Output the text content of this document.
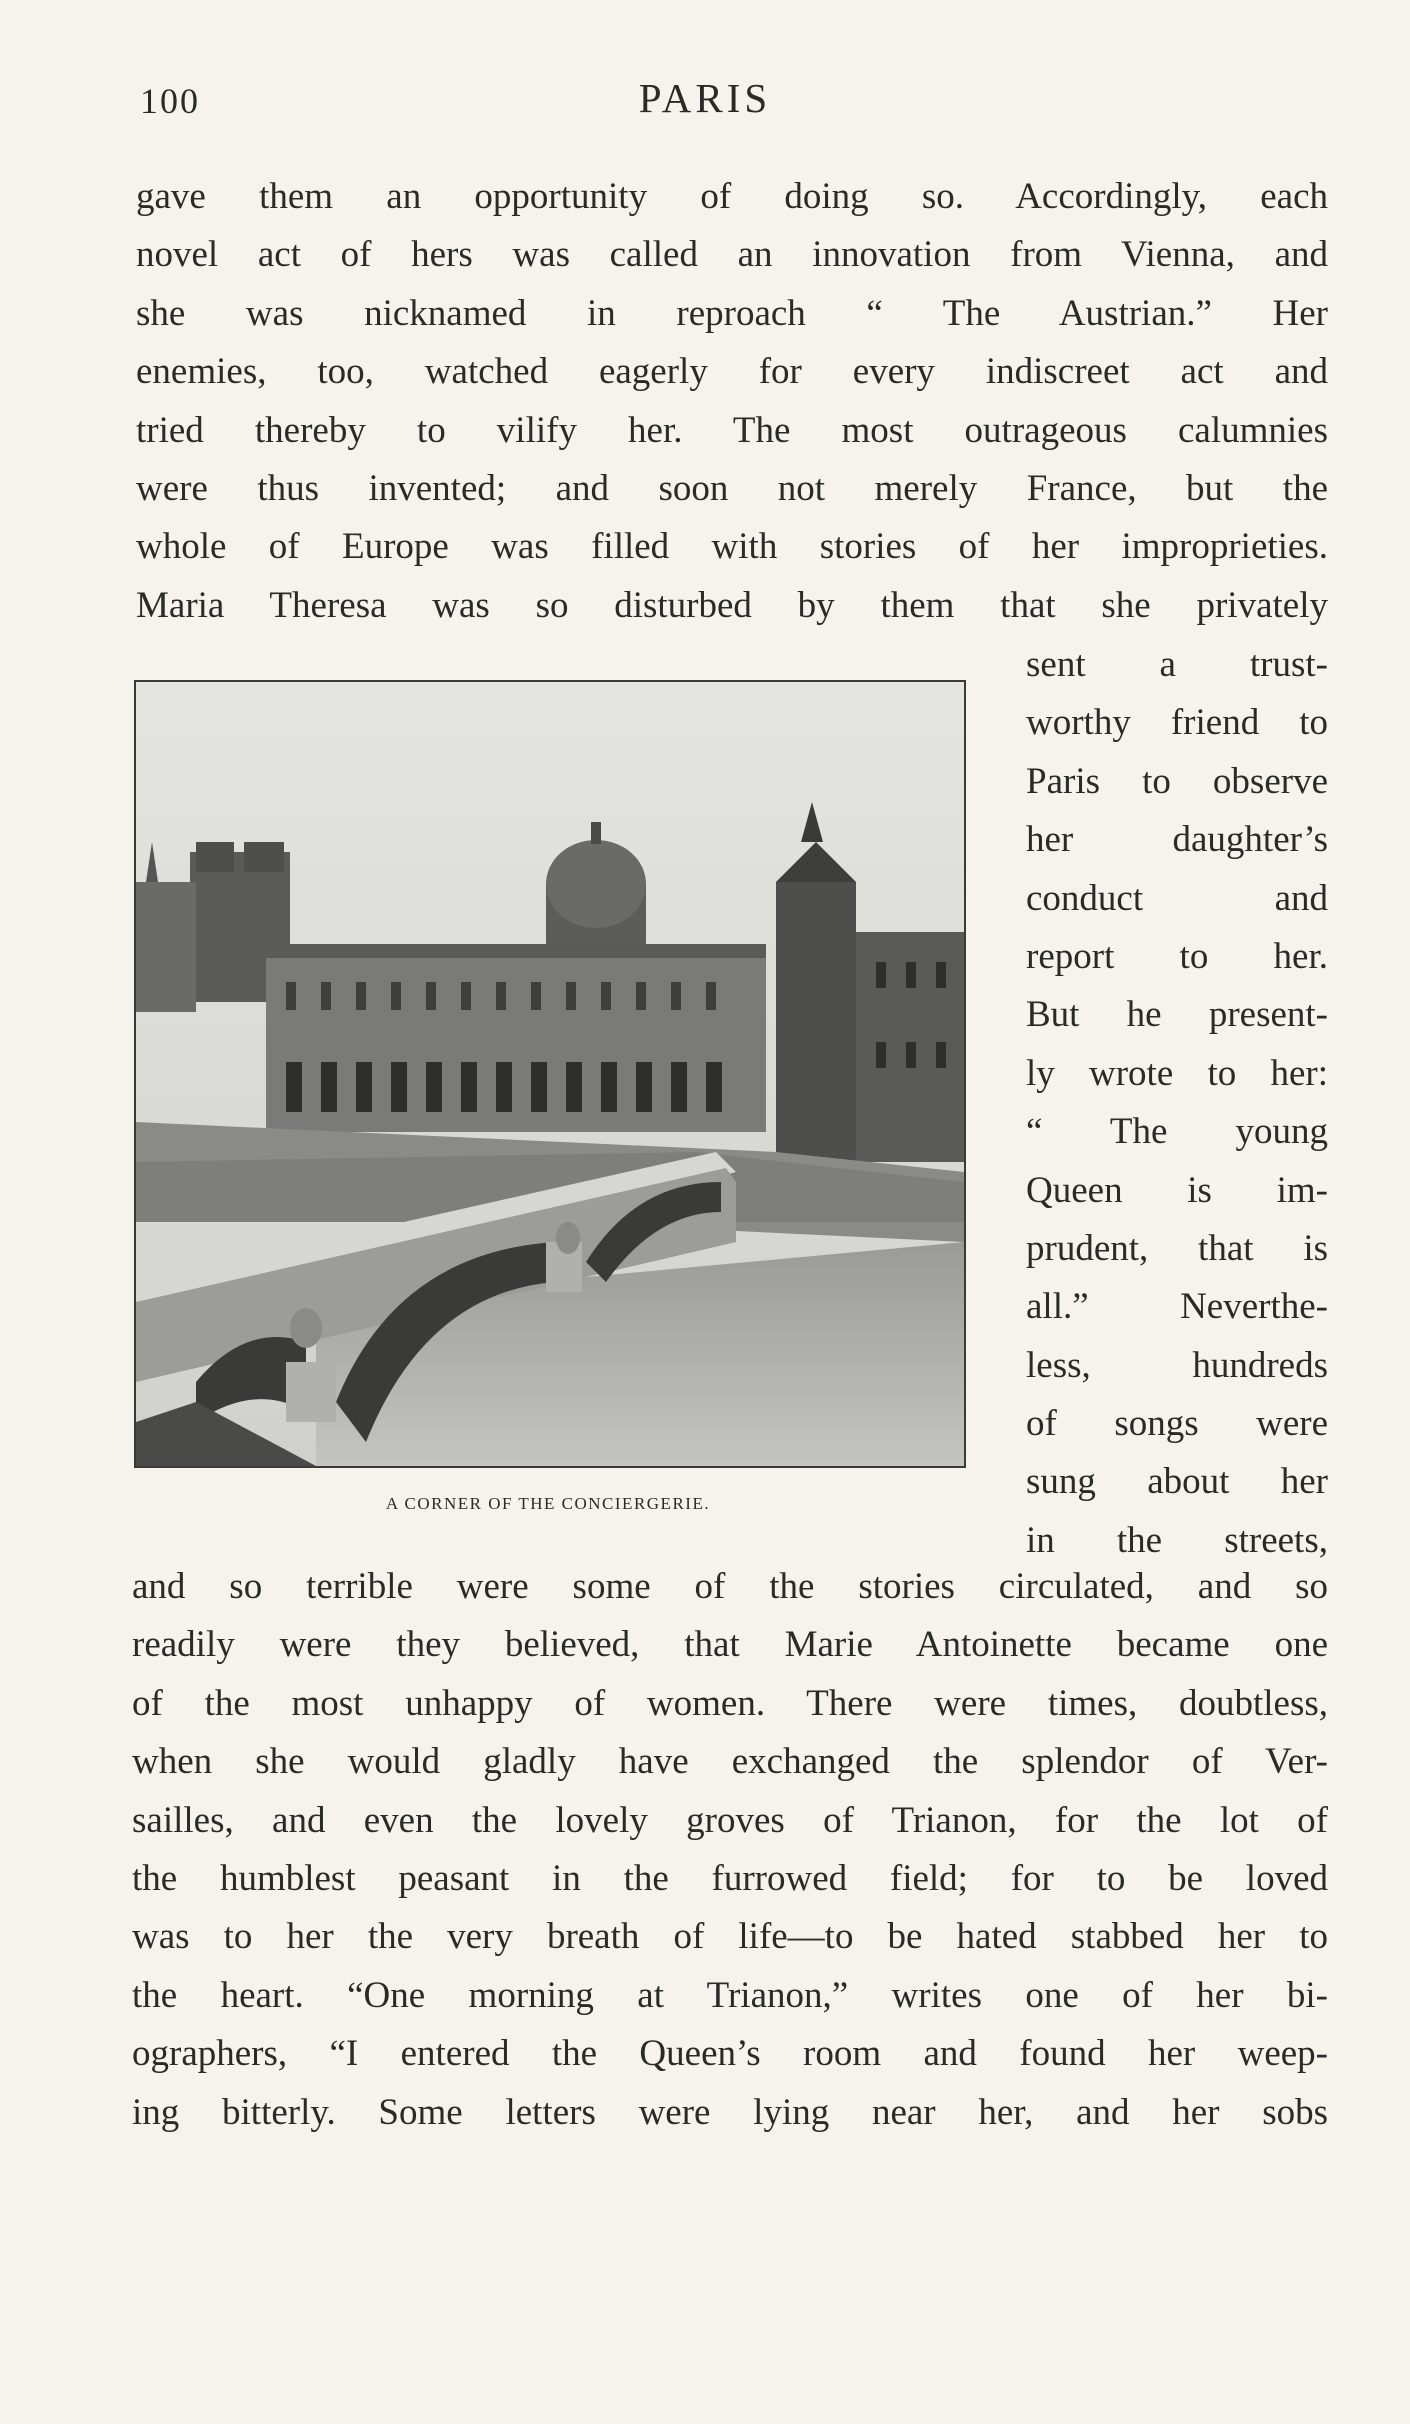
100	PARIS
gave them an opportunity of doing so. Accordingly, each
novel act of hers was called an innovation from Vienna, and
she was nicknamed in reproach “ The Austrian.” Her
enemies, too, watched eagerly for every indiscreet act and
tried thereby to vilify her. The most outrageous calumnies
were thus invented; and soon not merely France, but the
whole of Europe was filled with stories of her improprieties.
Maria Theresa was so disturbed by them that she privately
sent a trust-
worthy friend to
Paris to observe
her daughter’s
conduct and
report to her.
But he present-
ly wrote to her:
“ The young
Queen is im-
prudent, that is
all.” Neverthe-
less, hundreds
of songs were
sung about her
in the streets,
A CORNER OF THE CONCIERGERIE.
and so terrible were some of the stories circulated, and so
readily were they believed, that Marie Antoinette became one
of the most unhappy of women. There were times, doubtless,
when she would gladly have exchanged the splendor of Ver-
sailles, and even the lovely groves of Trianon, for the lot of
the humblest peasant in the furrowed field; for to be loved
was to her the very breath of life—to be hated stabbed her to
the heart. “One morning at Trianon,” writes one of her bi-
ographers, “I entered the Queen’s room and found her weep-
ing bitterly. Some letters were lying near her, and her sobs
